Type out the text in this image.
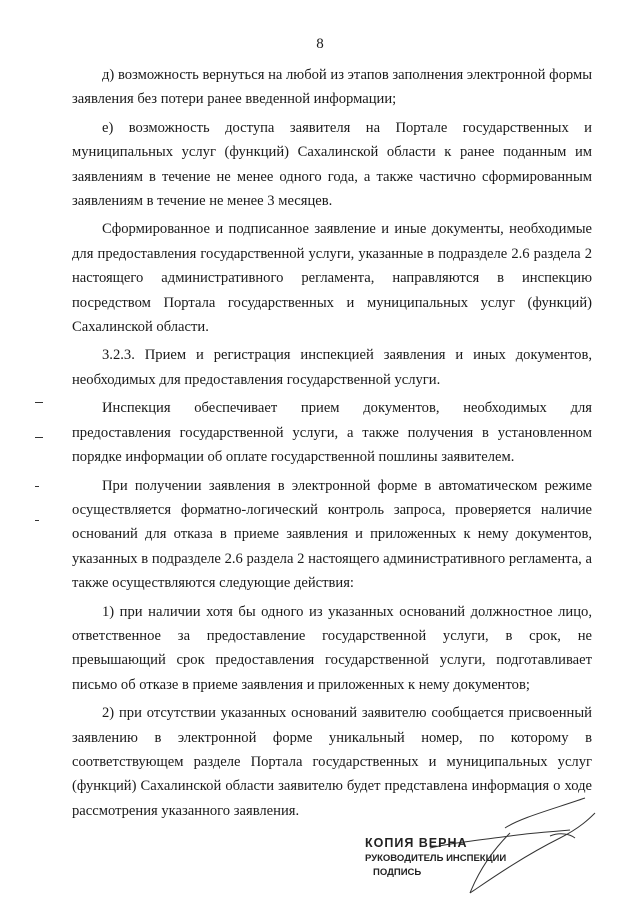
8

д) возможность вернуться на любой из этапов заполнения электронной формы заявления без потери ранее введенной информации;

е) возможность доступа заявителя на Портале государственных и муниципальных услуг (функций) Сахалинской области к ранее поданным им заявлениям в течение не менее одного года, а также частично сформированным заявлениям в течение не менее 3 месяцев.

Сформированное и подписанное заявление и иные документы, необходимые для предоставления государственной услуги, указанные в подразделе 2.6 раздела 2 настоящего административного регламента, направляются в инспекцию посредством Портала государственных и муниципальных услуг (функций) Сахалинской области.

3.2.3. Прием и регистрация инспекцией заявления и иных документов, необходимых для предоставления государственной услуги.

Инспекция обеспечивает прием документов, необходимых для предоставления государственной услуги, а также получения в установленном порядке информации об оплате государственной пошлины заявителем.

При получении заявления в электронной форме в автоматическом режиме осуществляется форматно-логический контроль запроса, проверяется наличие оснований для отказа в приеме заявления и приложенных к нему документов, указанных в подразделе 2.6 раздела 2 настоящего административного регламента, а также осуществляются следующие действия:

1) при наличии хотя бы одного из указанных оснований должностное лицо, ответственное за предоставление государственной услуги, в срок, не превышающий срок предоставления государственной услуги, подготавливает письмо об отказе в приеме заявления и приложенных к нему документов;

2) при отсутствии указанных оснований заявителю сообщается присвоенный заявлению в электронной форме уникальный номер, по которому в соответствующем разделе Портала государственных и муниципальных услуг (функций) Сахалинской области заявителю будет представлена информация о ходе рассмотрения указанного заявления.

КОПИЯ ВЕРНА
РУКОВОДИТЕЛЬ ИНСПЕКЦИИ
ПОДПИСЬ
